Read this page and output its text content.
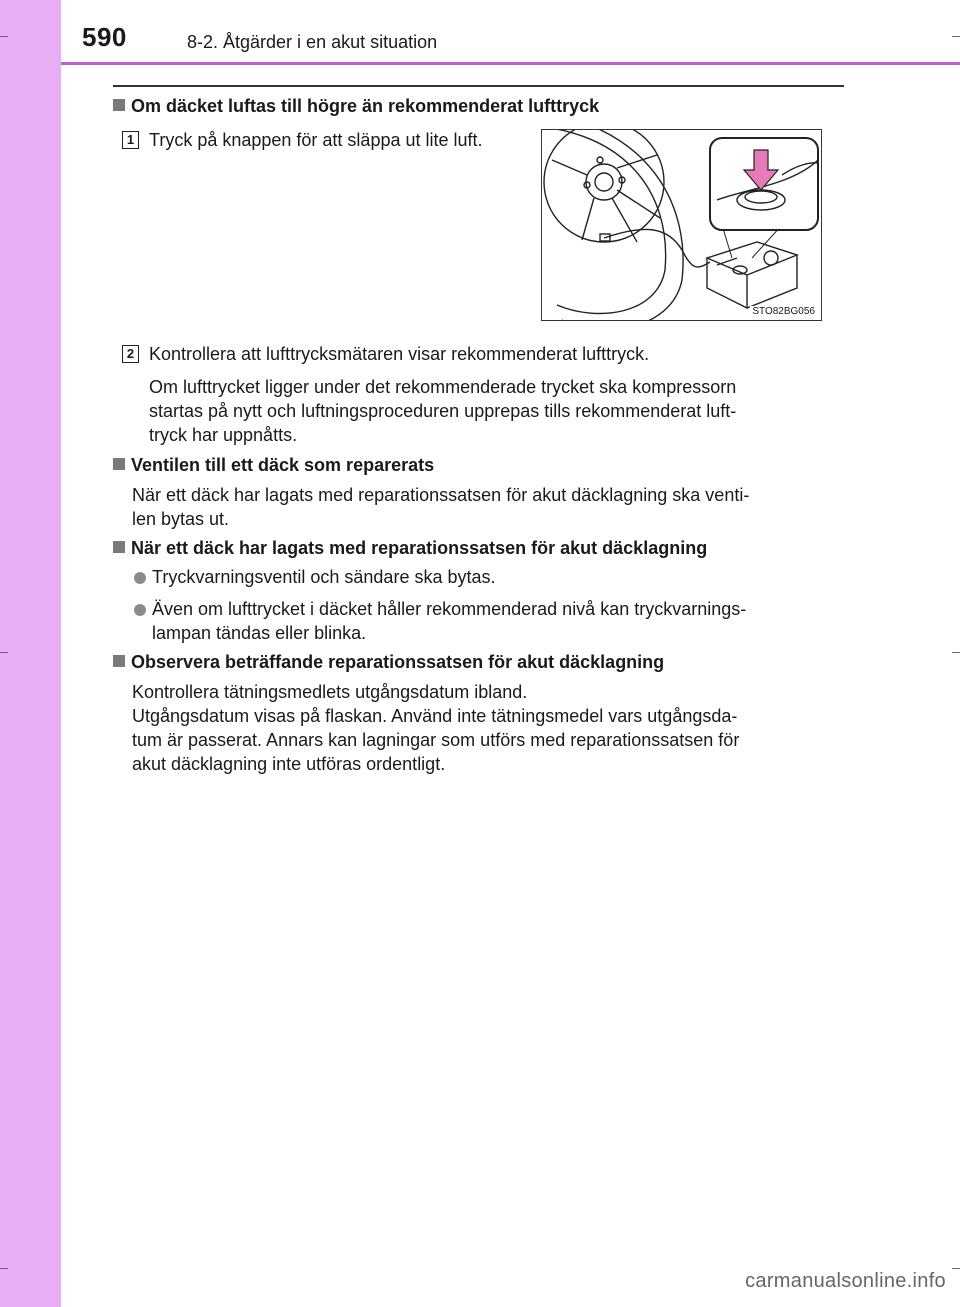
590	8-2. Åtgärder i en akut situation
Om däcket luftas till högre än rekommenderat lufttryck
1 Tryck på knappen för att släppa ut lite luft.
STO82BG056
2 Kontrollera att lufttrycksmätaren visar rekommenderat lufttryck.
Om lufttrycket ligger under det rekommenderade trycket ska kompressorn
startas på nytt och luftningsproceduren upprepas tills rekommenderat luft-
tryck har uppnåtts.
Ventilen till ett däck som reparerats
När ett däck har lagats med reparationssatsen för akut däcklagning ska venti-
len bytas ut.
När ett däck har lagats med reparationssatsen för akut däcklagning
Tryckvarningsventil och sändare ska bytas.
Även om lufttrycket i däcket håller rekommenderad nivå kan tryckvarnings-
lampan tändas eller blinka.
Observera beträffande reparationssatsen för akut däcklagning
Kontrollera tätningsmedlets utgångsdatum ibland.
Utgångsdatum visas på flaskan. Använd inte tätningsmedel vars utgångsda-
tum är passerat. Annars kan lagningar som utförs med reparationssatsen för
akut däcklagning inte utföras ordentligt.
carmanualsonline.info
